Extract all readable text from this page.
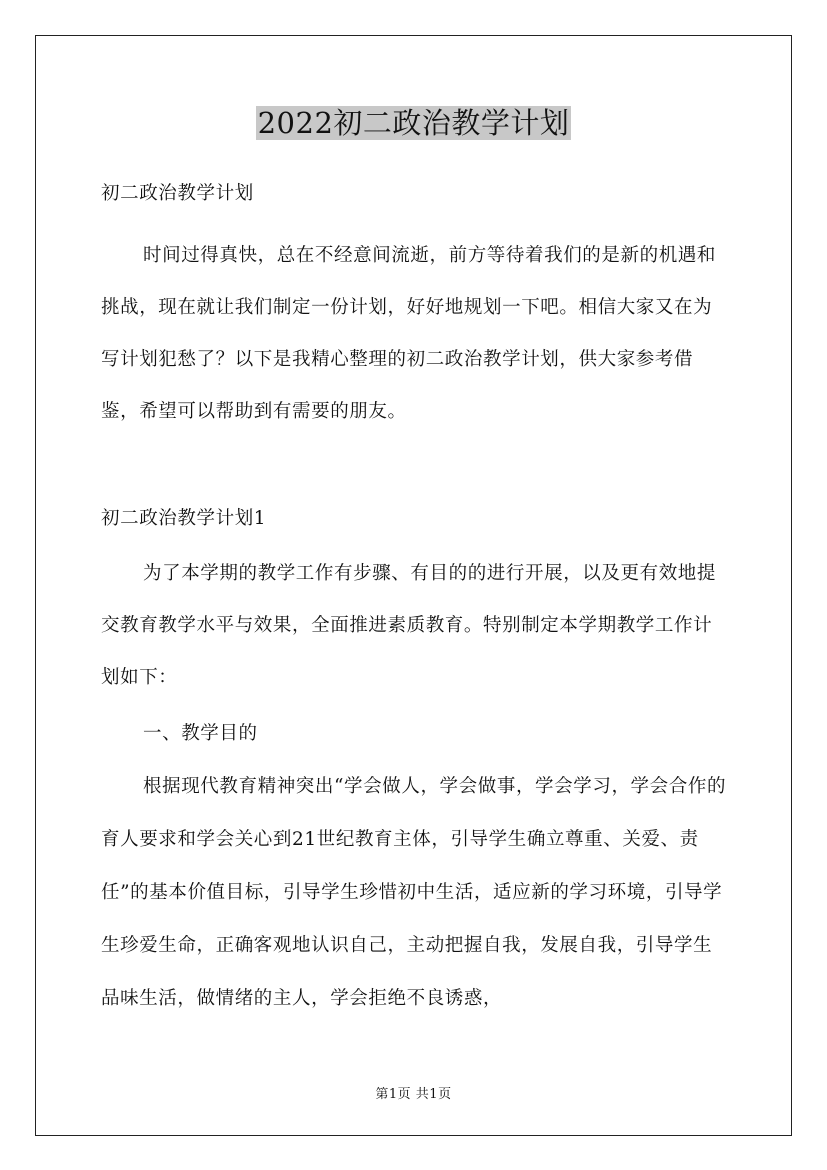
2022初二政治教学计划
初二政治教学计划

时间过得真快，总在不经意间流逝，前方等待着我们的是新的机遇和挑战，现在就让我们制定一份计划，好好地规划一下吧。相信大家又在为写计划犯愁了？以下是我精心整理的初二政治教学计划，供大家参考借鉴，希望可以帮助到有需要的朋友。

初二政治教学计划1

为了本学期的教学工作有步骤、有目的的进行开展，以及更有效地提交教育教学水平与效果，全面推进素质教育。特别制定本学期教学工作计划如下：

一、教学目的

根据现代教育精神突出“学会做人，学会做事，学会学习，学会合作的育人要求和学会关心到21世纪教育主体，引导学生确立尊重、关爱、责任”的基本价值目标，引导学生珍惜初中生活，适应新的学习环境，引导学生珍爱生命，正确客观地认识自己，主动把握自我，发展自我，引导学生品味生活，做情绪的主人，学会拒绝不良诱惑，

第1页 共1页
